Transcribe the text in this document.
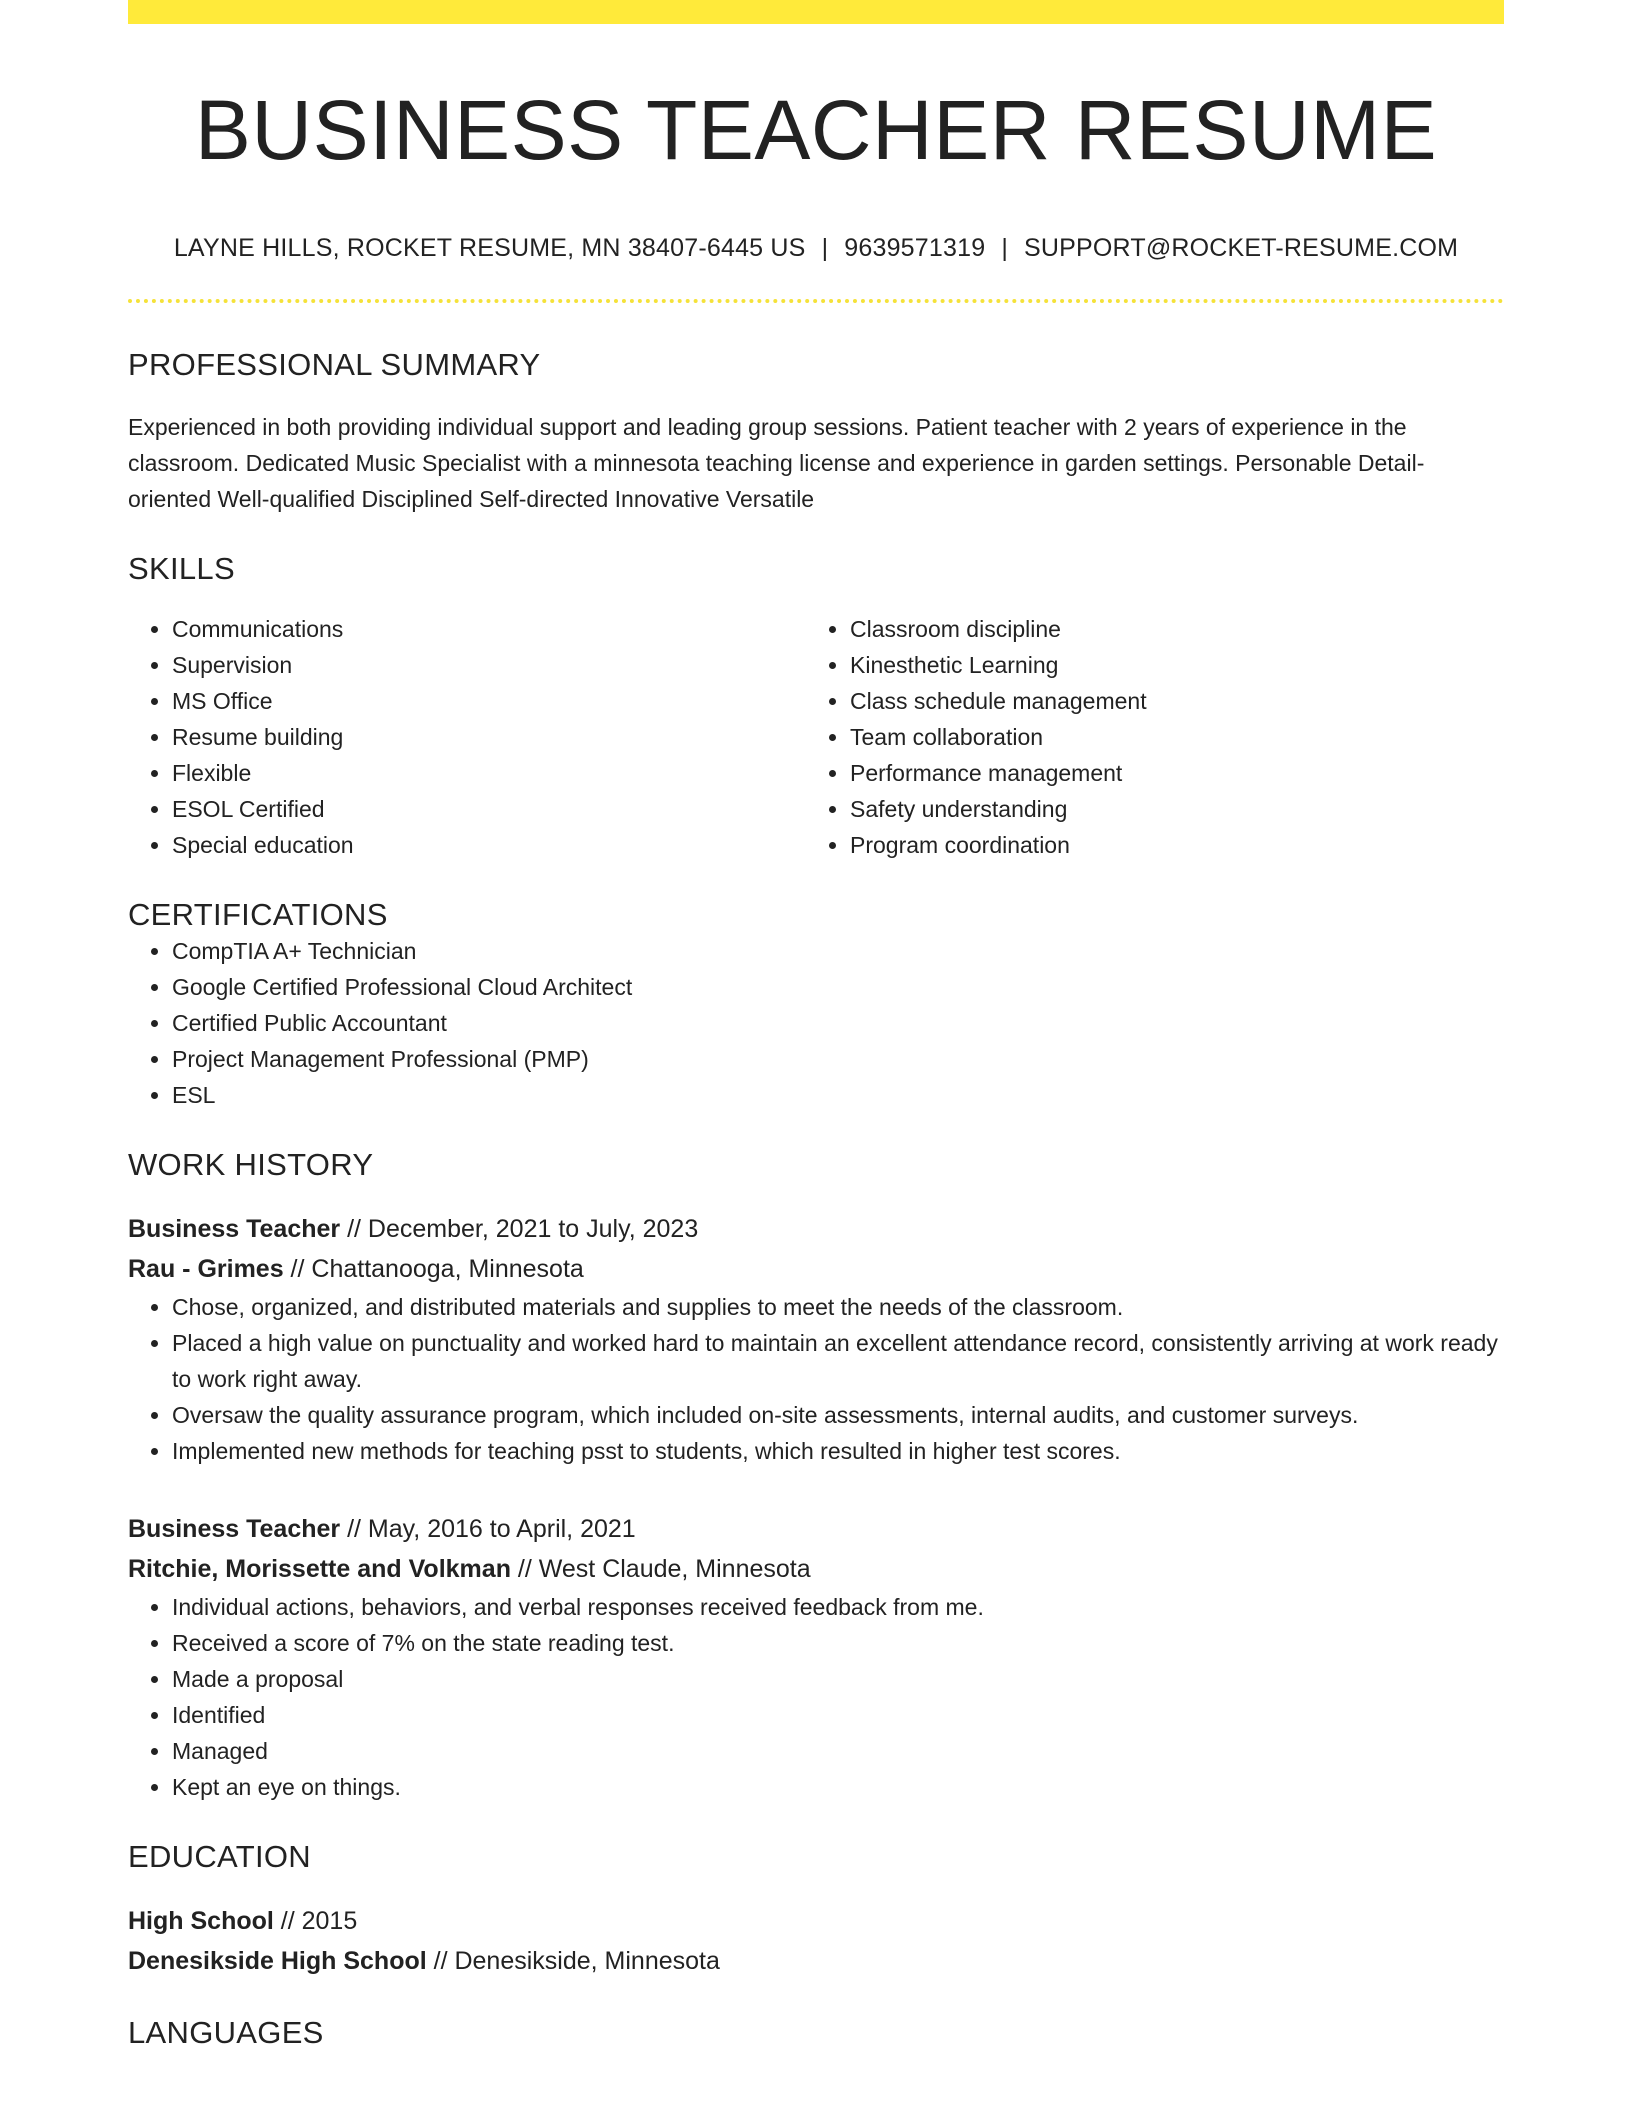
BUSINESS TEACHER RESUME
LAYNE HILLS, ROCKET RESUME, MN 38407-6445 US | 9639571319 | SUPPORT@ROCKET-RESUME.COM
PROFESSIONAL SUMMARY
Experienced in both providing individual support and leading group sessions. Patient teacher with 2 years of experience in the classroom. Dedicated Music Specialist with a minnesota teaching license and experience in garden settings. Personable Detail-oriented Well-qualified Disciplined Self-directed Innovative Versatile
SKILLS
• Communications
• Supervision
• MS Office
• Resume building
• Flexible
• ESOL Certified
• Special education
• Classroom discipline
• Kinesthetic Learning
• Class schedule management
• Team collaboration
• Performance management
• Safety understanding
• Program coordination
CERTIFICATIONS
• CompTIA A+ Technician
• Google Certified Professional Cloud Architect
• Certified Public Accountant
• Project Management Professional (PMP)
• ESL
WORK HISTORY
Business Teacher // December, 2021 to July, 2023
Rau - Grimes // Chattanooga, Minnesota
• Chose, organized, and distributed materials and supplies to meet the needs of the classroom.
• Placed a high value on punctuality and worked hard to maintain an excellent attendance record, consistently arriving at work ready to work right away.
• Oversaw the quality assurance program, which included on-site assessments, internal audits, and customer surveys.
• Implemented new methods for teaching psst to students, which resulted in higher test scores.
Business Teacher // May, 2016 to April, 2021
Ritchie, Morissette and Volkman // West Claude, Minnesota
• Individual actions, behaviors, and verbal responses received feedback from me.
• Received a score of 7% on the state reading test.
• Made a proposal
• Identified
• Managed
• Kept an eye on things.
EDUCATION
High School // 2015
Denesikside High School // Denesikside, Minnesota
LANGUAGES
